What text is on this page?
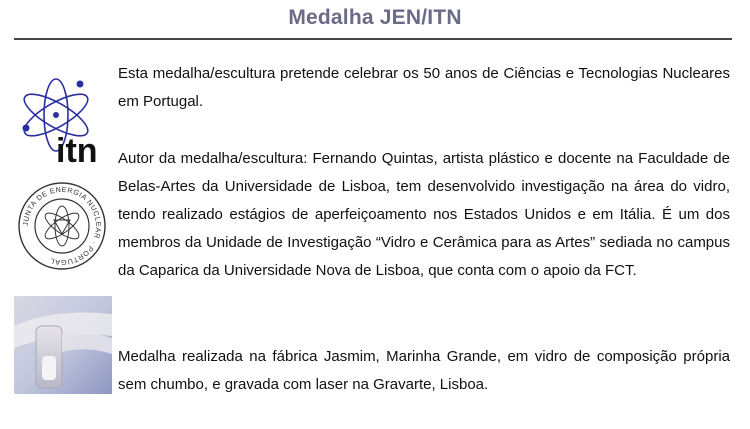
Medalha JEN/ITN
itn
JUNTA DE ENERGIA NUCLEAR · PORTUGAL

Esta medalha/escultura pretende celebrar os 50 anos de Ciências e Tecnologias Nucleares em Portugal.

Autor da medalha/escultura: Fernando Quintas, artista plástico e docente na Faculdade de Belas-Artes da Universidade de Lisboa, tem desenvolvido investigação na área do vidro, tendo realizado estágios de aperfeiçoamento nos Estados Unidos e em Itália. É um dos membros da Unidade de Investigação “Vidro e Cerâmica para as Artes” sediada no campus da Caparica da Universidade Nova de Lisboa, que conta com o apoio da FCT.

Medalha realizada na fábrica Jasmim, Marinha Grande, em vidro de composição própria sem chumbo, e gravada com laser na Gravarte, Lisboa.
